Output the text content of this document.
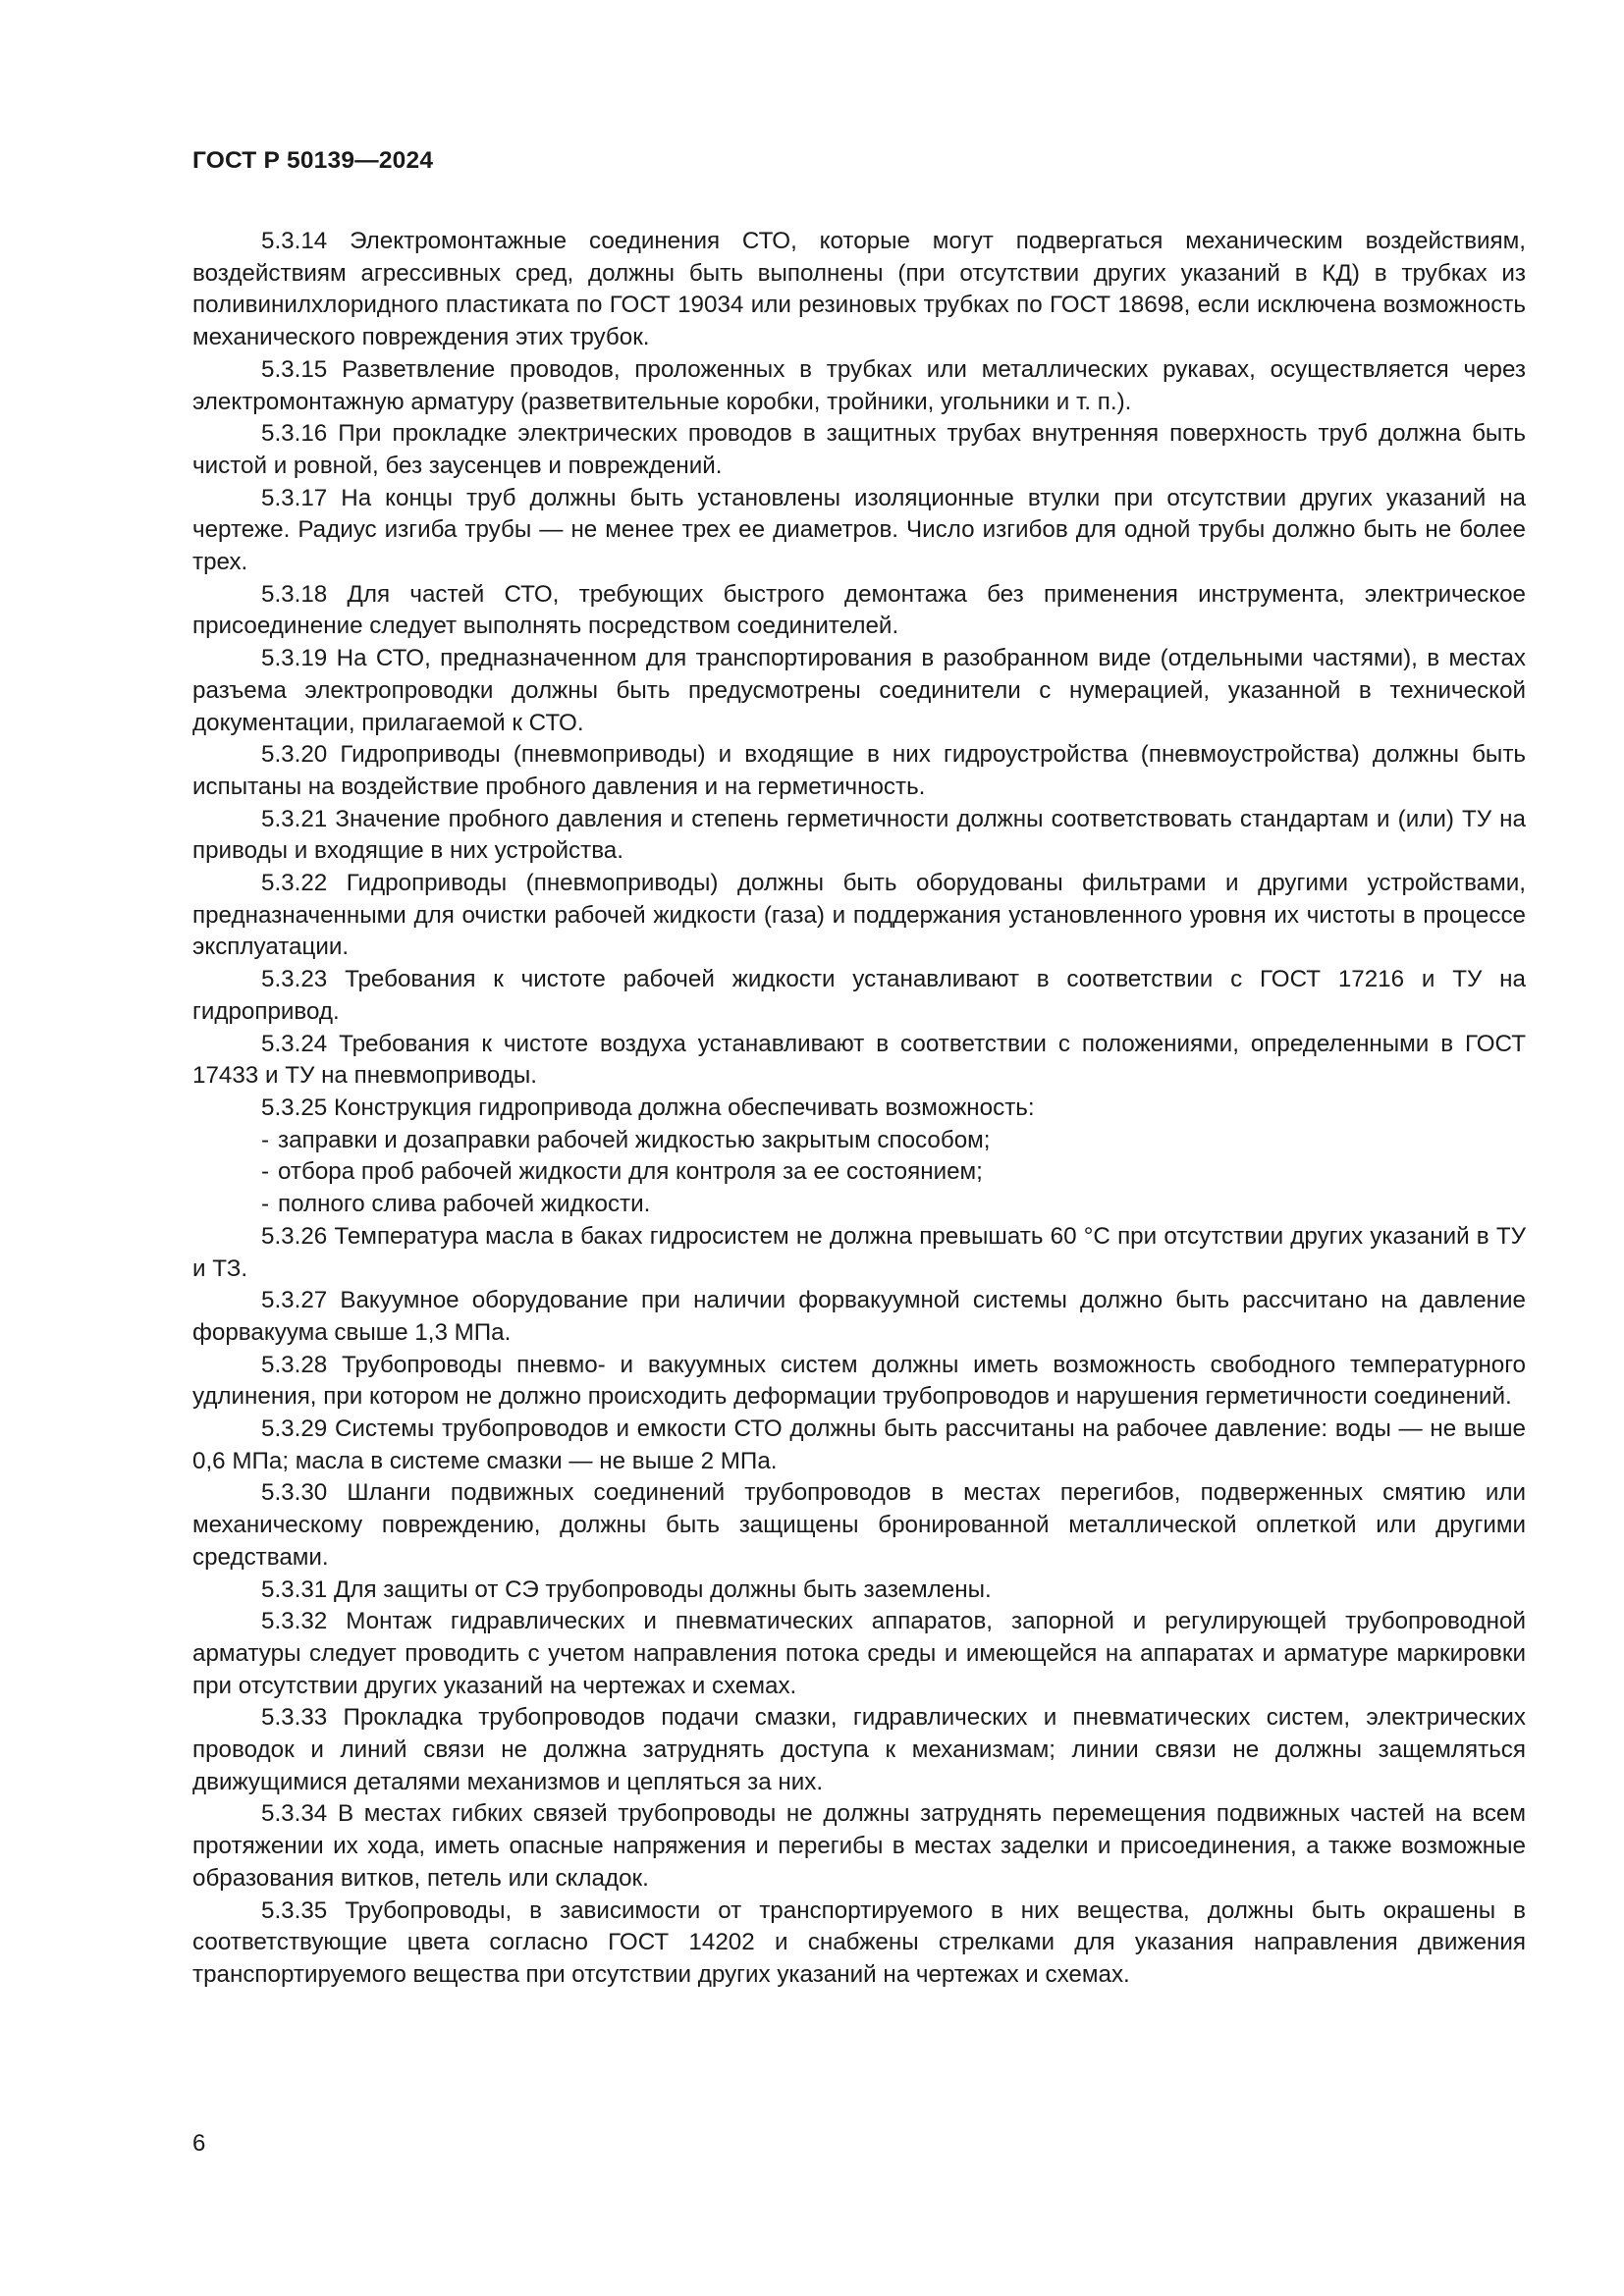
ГОСТ Р 50139—2024

5.3.14 Электромонтажные соединения СТО, которые могут подвергаться механическим воздействиям, воздействиям агрессивных сред, должны быть выполнены (при отсутствии других указаний в КД) в трубках из поливинилхлоридного пластиката по ГОСТ 19034 или резиновых трубках по ГОСТ 18698, если исключена возможность механического повреждения этих трубок.

5.3.15 Разветвление проводов, проложенных в трубках или металлических рукавах, осуществляется через электромонтажную арматуру (разветвительные коробки, тройники, угольники и т. п.).

5.3.16 При прокладке электрических проводов в защитных трубах внутренняя поверхность труб должна быть чистой и ровной, без заусенцев и повреждений.

5.3.17 На концы труб должны быть установлены изоляционные втулки при отсутствии других указаний на чертеже. Радиус изгиба трубы — не менее трех ее диаметров. Число изгибов для одной трубы должно быть не более трех.

5.3.18 Для частей СТО, требующих быстрого демонтажа без применения инструмента, электрическое присоединение следует выполнять посредством соединителей.

5.3.19 На СТО, предназначенном для транспортирования в разобранном виде (отдельными частями), в местах разъема электропроводки должны быть предусмотрены соединители с нумерацией, указанной в технической документации, прилагаемой к СТО.

5.3.20 Гидроприводы (пневмоприводы) и входящие в них гидроустройства (пневмоустройства) должны быть испытаны на воздействие пробного давления и на герметичность.

5.3.21 Значение пробного давления и степень герметичности должны соответствовать стандартам и (или) ТУ на приводы и входящие в них устройства.

5.3.22 Гидроприводы (пневмоприводы) должны быть оборудованы фильтрами и другими устройствами, предназначенными для очистки рабочей жидкости (газа) и поддержания установленного уровня их чистоты в процессе эксплуатации.

5.3.23 Требования к чистоте рабочей жидкости устанавливают в соответствии с ГОСТ 17216 и ТУ на гидропривод.

5.3.24 Требования к чистоте воздуха устанавливают в соответствии с положениями, определенными в ГОСТ 17433 и ТУ на пневмоприводы.

5.3.25 Конструкция гидропривода должна обеспечивать возможность:

- заправки и дозаправки рабочей жидкостью закрытым способом;
- отбора проб рабочей жидкости для контроля за ее состоянием;
- полного слива рабочей жидкости.

5.3.26 Температура масла в баках гидросистем не должна превышать 60 °С при отсутствии других указаний в ТУ и ТЗ.

5.3.27 Вакуумное оборудование при наличии форвакуумной системы должно быть рассчитано на давление форвакуума свыше 1,3 МПа.

5.3.28 Трубопроводы пневмо- и вакуумных систем должны иметь возможность свободного температурного удлинения, при котором не должно происходить деформации трубопроводов и нарушения герметичности соединений.

5.3.29 Системы трубопроводов и емкости СТО должны быть рассчитаны на рабочее давление: воды — не выше 0,6 МПа; масла в системе смазки — не выше 2 МПа.

5.3.30 Шланги подвижных соединений трубопроводов в местах перегибов, подверженных смятию или механическому повреждению, должны быть защищены бронированной металлической оплеткой или другими средствами.

5.3.31 Для защиты от СЭ трубопроводы должны быть заземлены.

5.3.32 Монтаж гидравлических и пневматических аппаратов, запорной и регулирующей трубопроводной арматуры следует проводить с учетом направления потока среды и имеющейся на аппаратах и арматуре маркировки при отсутствии других указаний на чертежах и схемах.

5.3.33 Прокладка трубопроводов подачи смазки, гидравлических и пневматических систем, электрических проводок и линий связи не должна затруднять доступа к механизмам; линии связи не должны защемляться движущимися деталями механизмов и цепляться за них.

5.3.34 В местах гибких связей трубопроводы не должны затруднять перемещения подвижных частей на всем протяжении их хода, иметь опасные напряжения и перегибы в местах заделки и присоединения, а также возможные образования витков, петель или складок.

5.3.35 Трубопроводы, в зависимости от транспортируемого в них вещества, должны быть окрашены в соответствующие цвета согласно ГОСТ 14202 и снабжены стрелками для указания направления движения транспортируемого вещества при отсутствии других указаний на чертежах и схемах.

6
